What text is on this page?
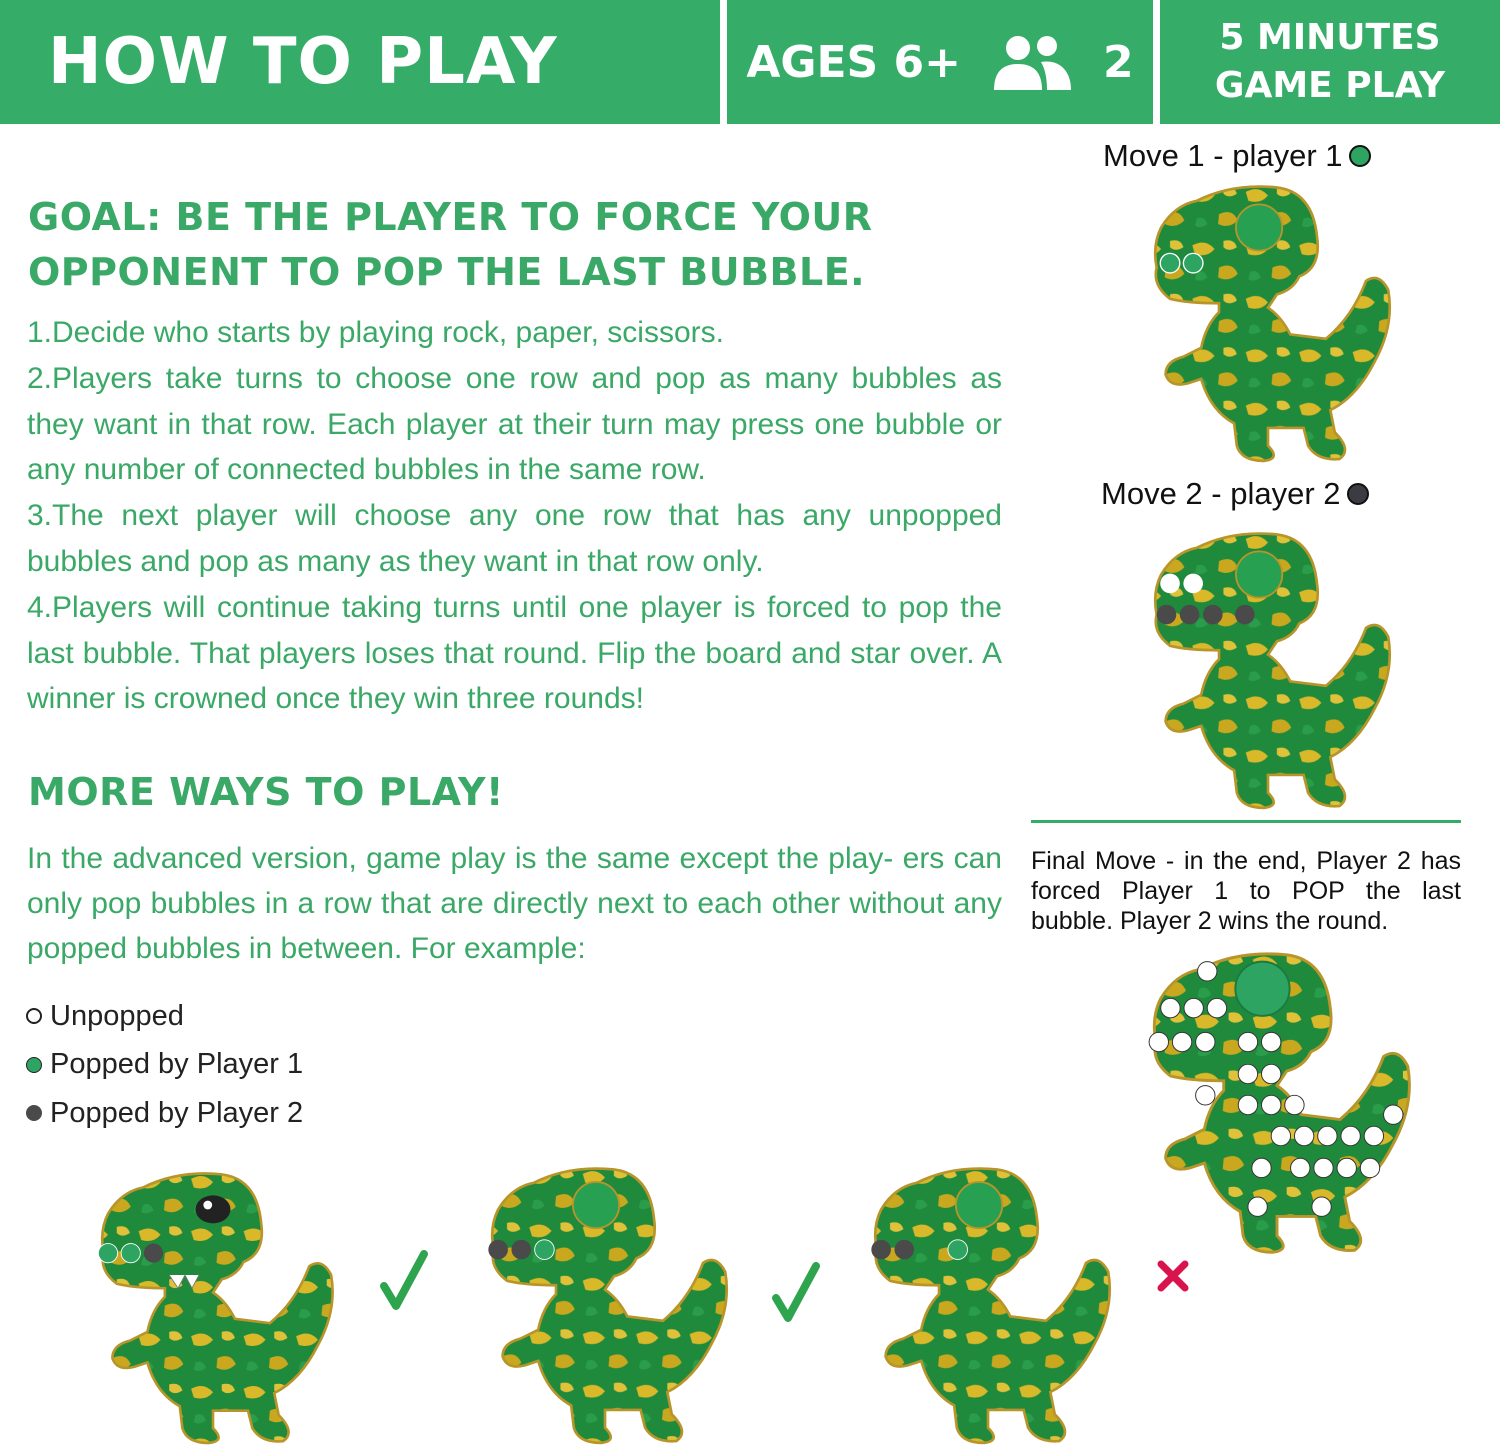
HOW TO PLAY	AGES 6+	2 5 MINUTES
GAME PLAY
GOAL: BE THE PLAYER TO FORCE YOUR
OPPONENT TO POP THE LAST BUBBLE.

1.Decide who starts by playing rock, paper, scissors.

2.Players take turns to choose one row and pop as many bubbles as they want in that row. Each player at their turn may press one bubble or any number of connected bubbles in the same row.

3.The next player will choose any one row that has any unpopped bubbles and pop as many as they want in that row only.

4.Players will continue taking turns until one player is forced to pop the last bubble. That players loses that round. Flip the board and star over. A winner is crowned once they win three rounds!

MORE WAYS TO PLAY!

In the advanced version, game play is the same except the play- ers can only pop bubbles in a row that are directly next to each other without any popped bubbles in between. For example:

Unpopped
Popped by Player 1
Popped by Player 2
Move 1 - player 1
Move 2 - player 2

Final Move - in the end, Player 2 has forced Player 1 to POP the last bubble. Player 2 wins the round.
